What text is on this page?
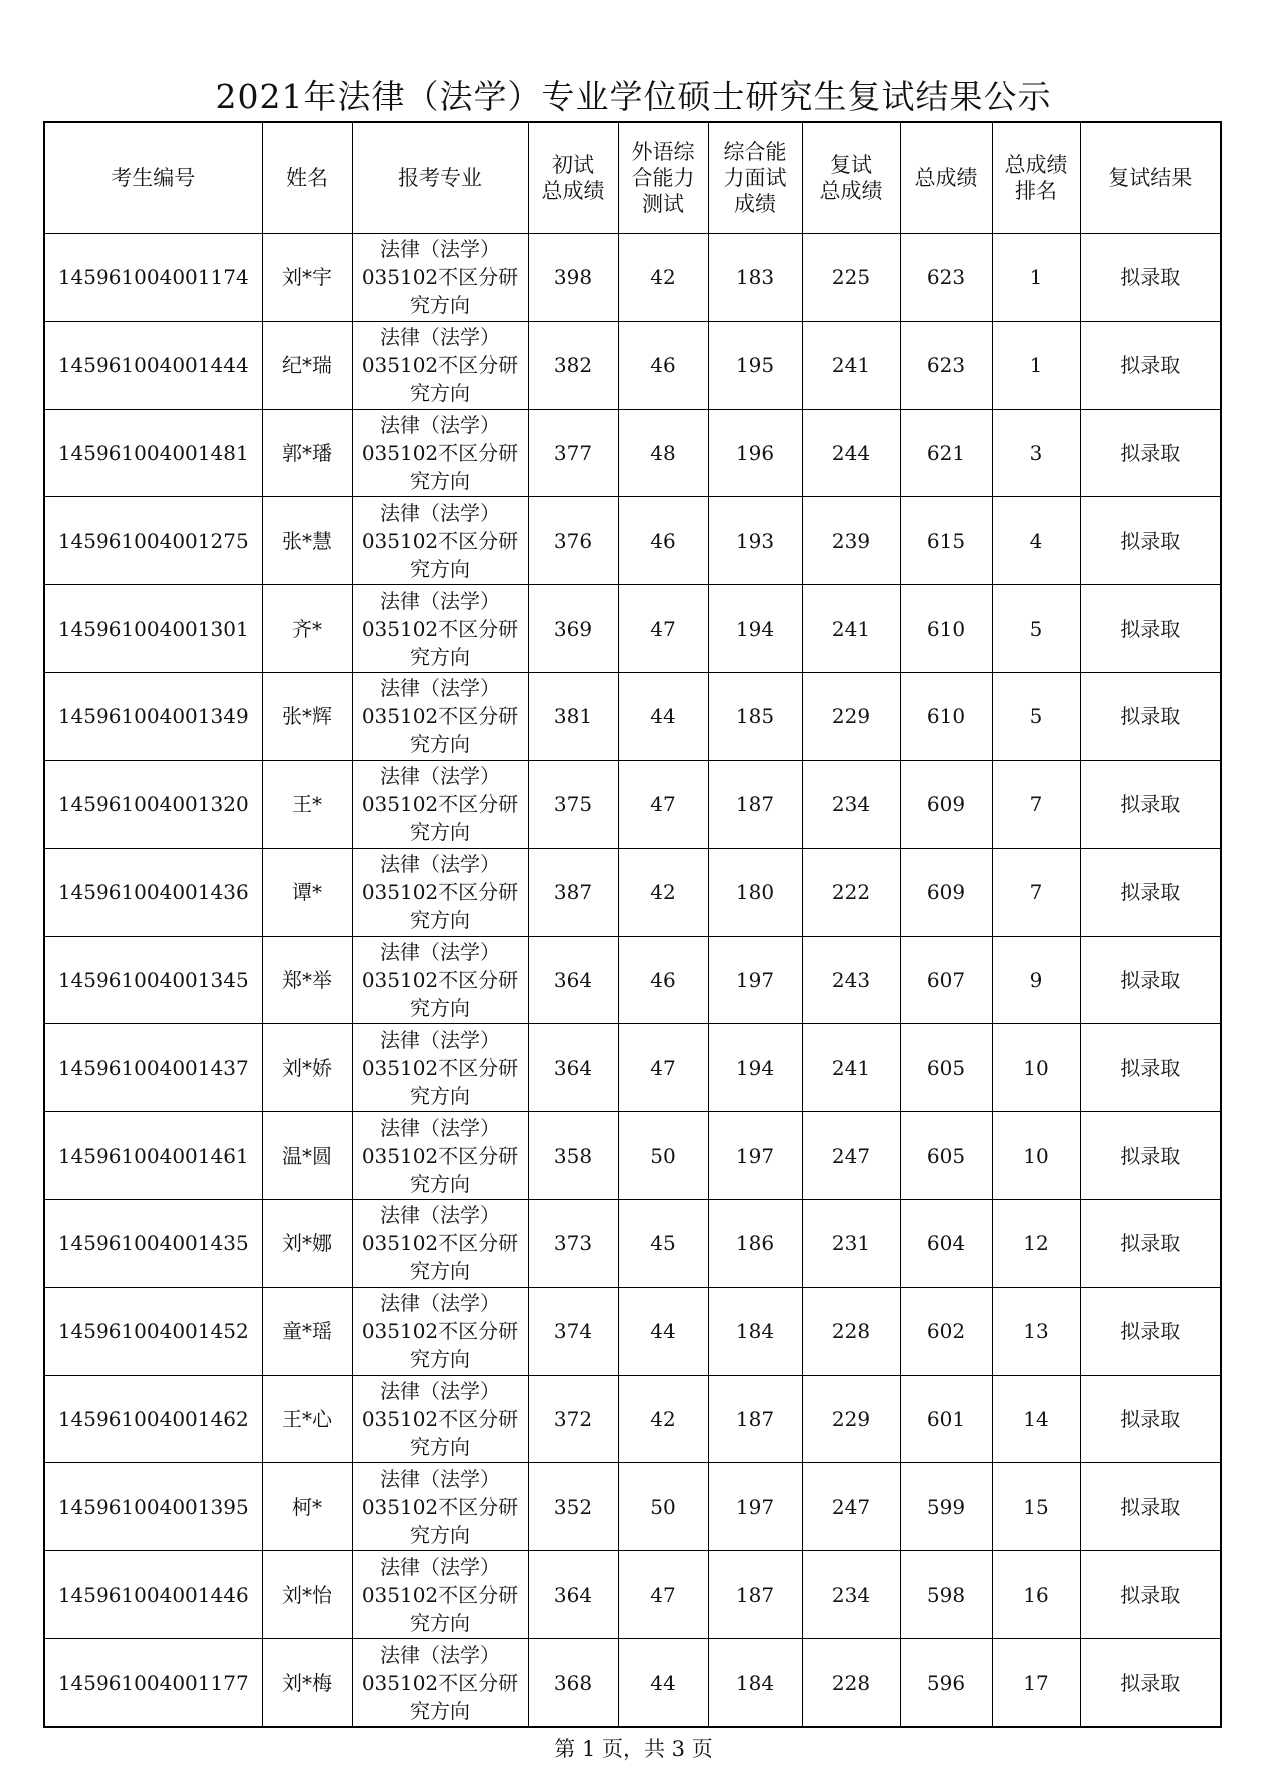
2021年法律（法学）专业学位硕士研究生复试结果公示
考生编号	姓名	报考专业	初试
总成绩	外语综
合能力
测试	综合能
力面试
成绩	复试
总成绩	总成绩	总成绩
排名	复试结果

145961004001174	刘*宇	法律（法学）
035102不区分研
究方向	398	42	183	225	623	1	拟录取
145961004001444	纪*瑞	法律（法学）
035102不区分研
究方向	382	46	195	241	623	1	拟录取
145961004001481	郭*璠	法律（法学）
035102不区分研
究方向	377	48	196	244	621	3	拟录取
145961004001275	张*慧	法律（法学）
035102不区分研
究方向	376	46	193	239	615	4	拟录取
145961004001301	齐*	法律（法学）
035102不区分研
究方向	369	47	194	241	610	5	拟录取
145961004001349	张*辉	法律（法学）
035102不区分研
究方向	381	44	185	229	610	5	拟录取
145961004001320	王*	法律（法学）
035102不区分研
究方向	375	47	187	234	609	7	拟录取
145961004001436	谭*	法律（法学）
035102不区分研
究方向	387	42	180	222	609	7	拟录取
145961004001345	郑*举	法律（法学）
035102不区分研
究方向	364	46	197	243	607	9	拟录取
145961004001437	刘*娇	法律（法学）
035102不区分研
究方向	364	47	194	241	605	10	拟录取
145961004001461	温*圆	法律（法学）
035102不区分研
究方向	358	50	197	247	605	10	拟录取
145961004001435	刘*娜	法律（法学）
035102不区分研
究方向	373	45	186	231	604	12	拟录取
145961004001452	童*瑶	法律（法学）
035102不区分研
究方向	374	44	184	228	602	13	拟录取
145961004001462	王*心	法律（法学）
035102不区分研
究方向	372	42	187	229	601	14	拟录取
145961004001395	柯*	法律（法学）
035102不区分研
究方向	352	50	197	247	599	15	拟录取
145961004001446	刘*怡	法律（法学）
035102不区分研
究方向	364	47	187	234	598	16	拟录取
145961004001177	刘*梅	法律（法学）
035102不区分研
究方向	368	44	184	228	596	17	拟录取
第 1 页，共 3 页
